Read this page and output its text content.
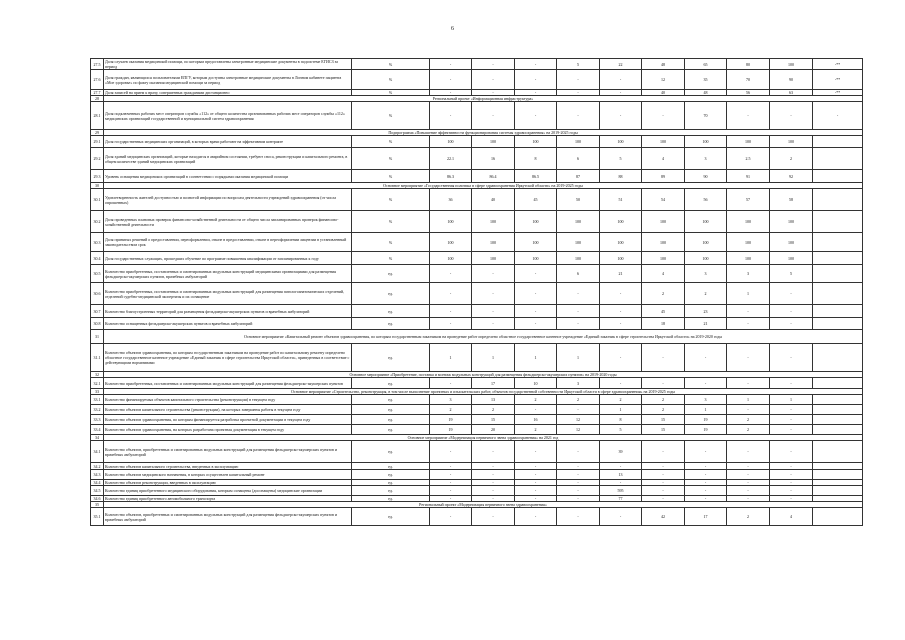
6
27.5	Доля случаев оказания медицинской помощи, по которым предоставлены электронные медицинские документы в подсистеме ЕГИСЗ за период	%	-	-	-	5	22	48	65	80	100	-**
27.6	Доля граждан, являющихся пользователями ЕПГУ, которым доступны электронные медицинские документы в Личном кабинете пациента «Мое здоровье» по факту оказания медицинской помощи за период	%	-	-	-	-	-	12	35	70	90	-**
27.7	Доля записей на прием к врачу, совершенных гражданами дистанционно	%	-	-	-	-	-	40	48	56	63	-**
28	Региональный проект «Информационная инфраструктура»											
28.1	Доля подключенных рабочих мест операторов службы «112» от общего количества организованных рабочих мест операторов службы «112» медицинских организаций государственной и муниципальной систем здравоохранения	%	-	-	-	-	-	-	70	-	-	-
29	Подпрограмма «Повышение эффективности функционирования системы здравоохранения» на 2019-2025 годы											
29.1	Доля государственных медицинских организаций, в которых врачи работают на эффективном контракте	%	100	100	100	100	100	100	100	100	100	
29.2	Доля зданий медицинских организаций, которые находятся в аварийном состоянии, требуют сноса, реконструкции и капитального ремонта, в общем количестве зданий медицинских организаций	%	22.1	16	8	6	5	4	3	2.5	2	
29.3	Уровень оснащения медицинских организаций в соответствии с порядками оказания медицинской помощи	%	86.3	86.4	86.5	87	88	89	90	91	92	
30	Основное мероприятие «Государственная политика в сфере здравоохранения Иркутской области» на 2019-2025 годы											
30.1	Удовлетворенность жителей доступностью и полнотой информации по вопросам деятельности учреждений здравоохранения (от числа опрошенных)	%	36	40	45	50	51	54	56	57	58	
30.2	Доля проведенных плановых проверок финансово-хозяйственной деятельности от общего числа запланированных проверок финансово-хозяйственной деятельности	%	100	100	100	100	100	100	100	100	100	
30.3	Доля принятых решений о предоставлении, переоформлении, отказе в предоставлении, отказе в переоформлении лицензии в установленный законодательством срок	%	100	100	100	100	100	100	100	100	100	
30.4	Доля государственных служащих, прошедших обучение по программе повышения квалификации от запланированных к году	%	100	100	100	100	100	100	100	100	100	
30.5	Количество приобретенных, поставленных и смонтированных модульных конструкций медицинскими организациями для размещения фельдшерско-акушерских пунктов, врачебных амбулаторий	ед.	-	-	-	6	21	4	3	3	5	
30.6	Количество приобретенных, поставленных и смонтированных модульных конструкций для размещения патологоанатомических отделений, отделений судебно-медицинской экспертизы и их оснащение	ед.	-	-	-	-	-	2	2	1	-	
30.7	Количество благоустроенных территорий для размещения фельдшерско-акушерских пунктов и врачебных амбулаторий	ед.	-	-	-	-	-	45	23	-	-	
30.8	Количество оснащенных фельдшерско-акушерских пунктов и врачебных амбулаторий	ед.	-	-	-	-	-	18	21	-	-	
31	Основное мероприятие «Капитальный ремонт объектов здравоохранения, по которым государственным заказчиком на проведение работ определено областное государственное казенное учреждение «Единый заказчик в сфере строительства Иркутской области» на 2019-2020 годы											
31.1	Количество объектов здравоохранения, по которым государственным заказчиком на проведение работ по капитальному ремонту определено областное государственное казенное учреждение «Единый заказчик в сфере строительства Иркутской области», приведенных в соответствие с действующими нормативами	ед.	1	1	1	1	-	-	-	-	-	
32	Основное мероприятие «Приобретение, поставка и монтаж модульных конструкций для размещения фельдшерско-акушерских пунктов» на 2019-2020 годы											
32.1	Количество приобретенных, поставленных и смонтированных модульных конструкций для размещения фельдшерско-акушерских пунктов	ед.	-	17	10	3	-	-	-	-	-	
33	Основное мероприятие «Строительство, реконструкция, в том числе выполнение проектных и изыскательских работ, объектов государственной собственности Иркутской области в сфере здравоохранения» на 2019-2025 годы											
33.1	Количество финансируемых объектов капитального строительства (реконструкции) в текущем году	ед.	3	13	2	2	2	2	3	1	1	
33.2	Количество объектов капитального строительства (реконструкции), на которых завершены работы в текущем году	ед.	2	2	-	-	1	2	1	-	-	
33.3	Количество объектов здравоохранения, по которым финансируется разработка проектной документации в текущем году	ед.	19	15	16	12	8	15	19	2	-	
33.4	Количество объектов здравоохранения, на которых разработана проектная документация в текущем году	ед.	19	20	2	12	5	15	19	2	-	
34	Основное мероприятие «Модернизация первичного звена здравоохранения» на 2021 год											
34.1	Количество объектов, приобретенных и смонтированных модульных конструкций для размещения фельдшерско-акушерских пунктов и врачебных амбулаторий	ед.	-	-	-	-	39	-	-	-	-	
34.2	Количество объектов капитального строительства, введенных в эксплуатацию	ед.	-	-	-	-	-	-	-	-	-	
34.3	Количество объектов медицинского назначения, в которых осуществлен капитальный ремонт	ед.	-	-	-	-	13	-	-	-	-	
34.4	Количество объектов реконструкции, введенных в эксплуатацию	ед.	-	-	-	-	-	-	-	-	-	
34.5	Количество единиц приобретенного медицинского оборудования, которым оснащены (дооснащены) медицинские организации	ед.	-	-	-	-	595	-	-	-	-	
34.6	Количество единиц приобретенного автомобильного транспорта	ед.	-	-	-	-	77	-	-	-	-	
35	Региональный проект «Модернизация первичного звена здравоохранения»											
35.1	Количество объектов, приобретенных и смонтированных модульных конструкций для размещения фельдшерско-акушерских пунктов и врачебных амбулаторий	ед.	-	-	-	-	-	42	17	2	4	
